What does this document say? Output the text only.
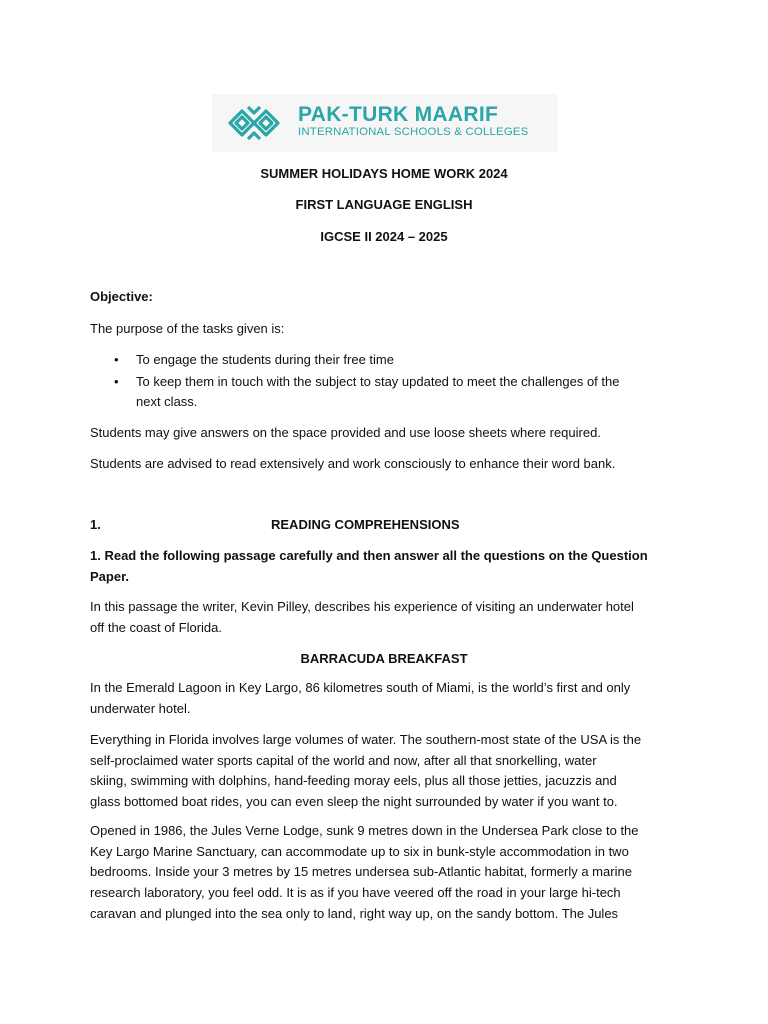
PAK-TURK MAARIF
INTERNATIONAL SCHOOLS & COLLEGES
SUMMER HOLIDAYS HOME WORK 2024
FIRST LANGUAGE ENGLISH
IGCSE II 2024 – 2025
Objective:
The purpose of the tasks given is:
• To engage the students during their free time
• To keep them in touch with the subject to stay updated to meet the challenges of the
next class.
Students may give answers on the space provided and use loose sheets where required.
Students are advised to read extensively and work consciously to enhance their word bank.
1.	READING COMPREHENSIONS
1. Read the following passage carefully and then answer all the questions on the Question
Paper.
In this passage the writer, Kevin Pilley, describes his experience of visiting an underwater hotel
off the coast of Florida.
BARRACUDA BREAKFAST
In the Emerald Lagoon in Key Largo, 86 kilometres south of Miami, is the world’s first and only
underwater hotel.
Everything in Florida involves large volumes of water. The southern-most state of the USA is the
self-proclaimed water sports capital of the world and now, after all that snorkelling, water
skiing, swimming with dolphins, hand-feeding moray eels, plus all those jetties, jacuzzis and
glass bottomed boat rides, you can even sleep the night surrounded by water if you want to.
Opened in 1986, the Jules Verne Lodge, sunk 9 metres down in the Undersea Park close to the
Key Largo Marine Sanctuary, can accommodate up to six in bunk-style accommodation in two
bedrooms. Inside your 3 metres by 15 metres undersea sub-Atlantic habitat, formerly a marine
research laboratory, you feel odd. It is as if you have veered off the road in your large hi-tech
caravan and plunged into the sea only to land, right way up, on the sandy bottom. The Jules
